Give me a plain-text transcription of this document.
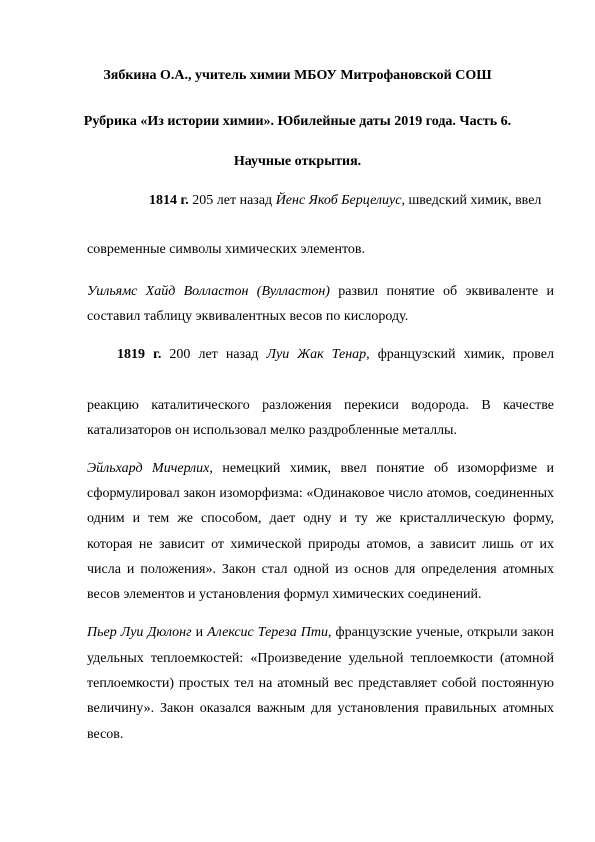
Зябкина О.А., учитель химии МБОУ Митрофановской СОШ
Рубрика «Из истории химии». Юбилейные даты 2019 года. Часть 6.
Научные открытия.
1814 г. 205 лет назад Йенс Якоб Берцелиус, шведский химик, ввел
современные символы химических элементов.
Уильямс Хайд Волластон (Вулластон) развил понятие об эквиваленте и
составил таблицу эквивалентных весов по кислороду.
1819 г. 200 лет назад Луи Жак Тенар, французский химик, провел
реакцию каталитического разложения перекиси водорода. В качестве
катализаторов он использовал мелко раздробленные металлы.
Эйльхард Мичерлих, немецкий химик, ввел понятие об изоморфизме и
сформулировал закон изоморфизма: «Одинаковое число атомов, соединенных
одним и тем же способом, дает одну и ту же кристаллическую форму,
которая не зависит от химической природы атомов, а зависит лишь от их
числа и положения». Закон стал одной из основ для определения атомных
весов элементов и установления формул химических соединений.
Пьер Луи Дюлонг и Алексис Тереза Пти, французские ученые, открыли закон
удельных теплоемкостей: «Произведение удельной теплоемкости (атомной
теплоемкости) простых тел на атомный вес представляет собой постоянную
величину». Закон оказался важным для установления правильных атомных
весов.
